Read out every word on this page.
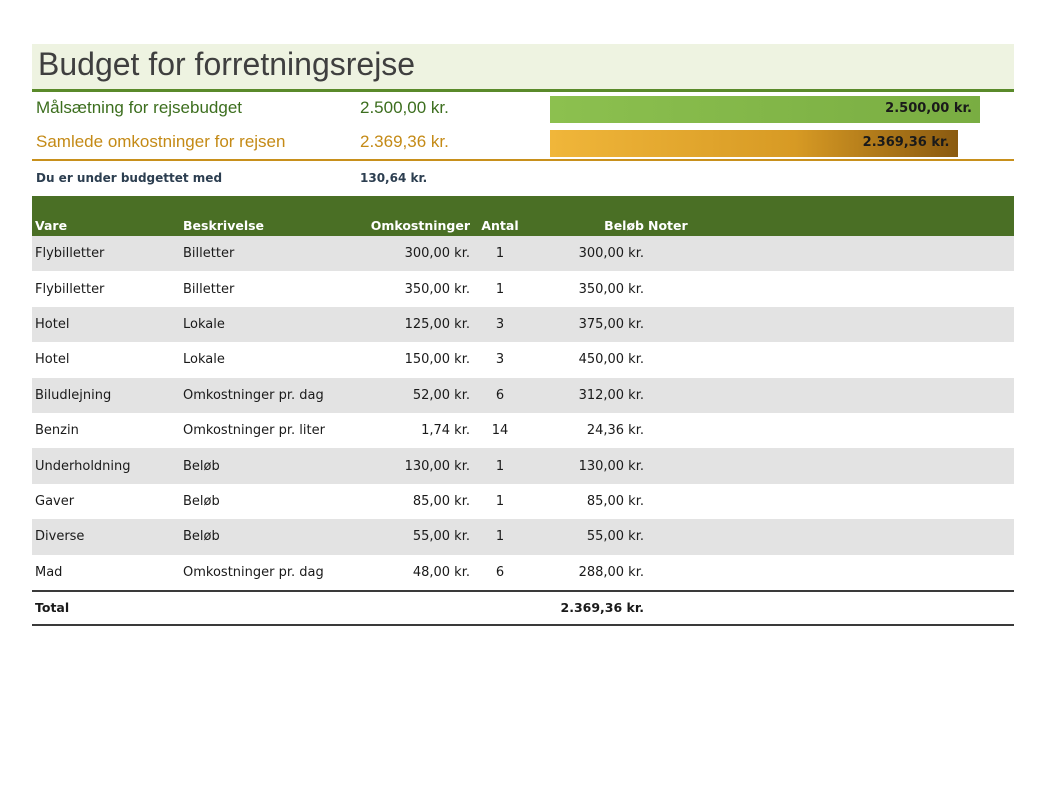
Budget for forretningsrejse
Målsætning for rejsebudget	2.500,00 kr.	2.500,00 kr.
Samlede omkostninger for rejsen	2.369,36 kr.	2.369,36 kr.
Du er under budgettet med	130,64 kr.
Vare	Beskrivelse	Omkostninger	Antal	Beløb	Noter
Flybilletter	Billetter	300,00 kr.	1	300,00 kr.	
Flybilletter	Billetter	350,00 kr.	1	350,00 kr.	
Hotel	Lokale	125,00 kr.	3	375,00 kr.	
Hotel	Lokale	150,00 kr.	3	450,00 kr.	
Biludlejning	Omkostninger pr. dag	52,00 kr.	6	312,00 kr.	
Benzin	Omkostninger pr. liter	1,74 kr.	14	24,36 kr.	
Underholdning	Beløb	130,00 kr.	1	130,00 kr.	
Gaver	Beløb	85,00 kr.	1	85,00 kr.	
Diverse	Beløb	55,00 kr.	1	55,00 kr.	
Mad	Omkostninger pr. dag	48,00 kr.	6	288,00 kr.	
Total				2.369,36 kr.	
